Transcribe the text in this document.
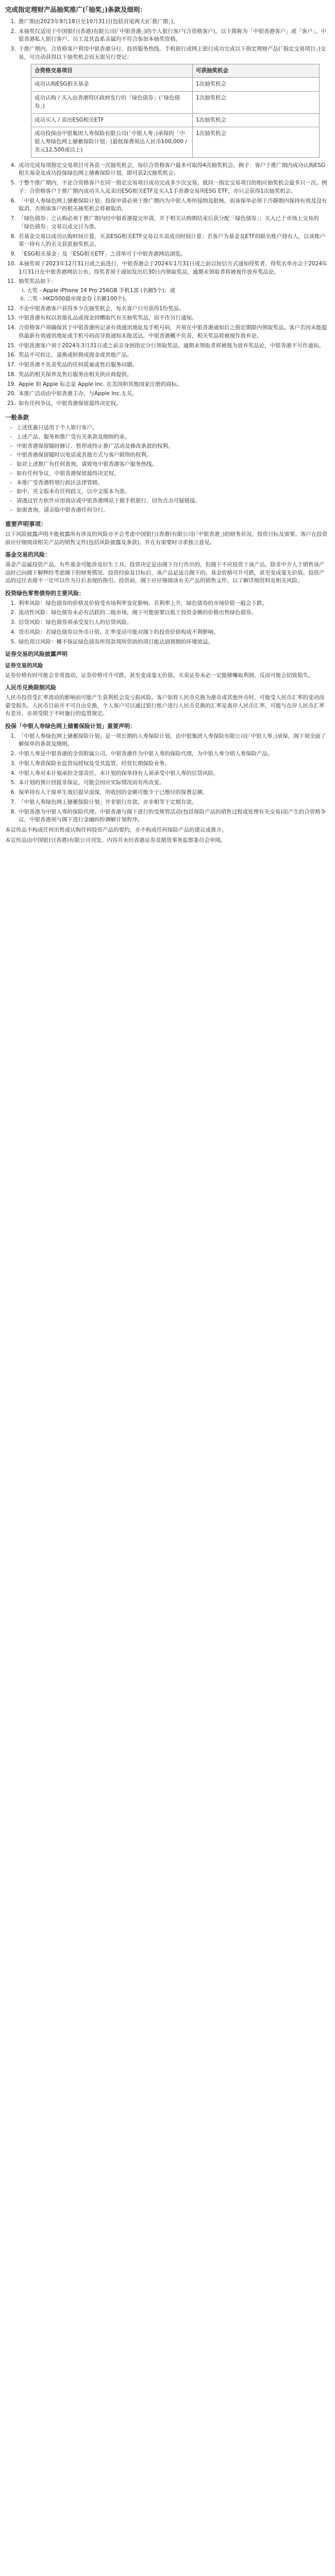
完成指定理财产品抽奖推广(「抽奖」)条款及细则：
1. 推广期由2023年9月18日至10月31日(包括首尾两天)(「推广期」)。
2. 本抽奖仅适用于中国银行(香港)有限公司(「中银香港」)的个人银行客户(合资格客户)，以下简称为「中银香港客户」或「客户」。中银香港私人银行客户、员工及其直系亲属均不符合参加本抽奖资格。
3. 于推广期内，合资格客户利用中银香港分行、投资服务热线、手机银行或网上银行成功完成以下指定理财产品(「指定交易项目」)交易，可自动获得以下抽奖机会而无需另行登记：
合资格交易项目	可获抽奖机会
成功认购ESG相关基金	1次抽奖机会
成功认购 / 买入由香港特区政府发行的「绿色债券」(「绿色债券」)	1次抽奖机会
成功买入 / 卖出ESG相关ETF	1次抽奖机会
成功投保由中银集团人寿保险有限公司(「中银人寿」)承保的「中银人寿绿色网上储蓄保险计划」(最低保费须达人民币100,000 / 美元12,500或以上)	1次抽奖机会
4. 成功完成每项指定交易项目可各获一次抽奖机会，每位合资格客户最多可取得4次抽奖机会。例子：客户于推广期内成功认购ESG相关基金及成功投保绿色网上储蓄保险计划，即可获2次抽奖机会。
5. 于整个推广期内，不论合资格客户在同一指定交易项目成功完成多少次交易，就同一指定交易项目的相应抽奖机会最多只一次。例子：合资格客户于推广期内成功买入及卖出ESG相关ETF及买入1手香港交易所ESG ETF，亦只会获得1次抽奖机会。
6. 「中银人寿绿色网上储蓄保险计划」投保申请必须于推广期内为中银人寿所接纳及批核，而该保单必须于冷静期内保持有效及没有取消，否则该客户的相关抽奖机会将被取消。
7. 「绿色债券」之认购必须于推广期内经中银香港提交申请，并于相关认购期结束后获分配「绿色债券」；买入已于市场上交易的「绿色债券」交易以成交日为准。
8. 若基金交易以成功认购时间计算，买卖ESG相关ETF交易以买卖成功时间计算；若客户为基金及ETF的联名账户持有人，以该账户第一持有人的名义获派抽奖机会。
9. 「ESG相关基金」及「ESG相关ETF」之清单可于中银香港网站浏览。
10. 本抽奖将于2023年12月31日或之前进行，中银香港会于2024年1月31日或之前以短信方式通知得奖者，得奖名单亦会于2024年1月31日在中银香港网站公布。得奖者须于通知发出后30日内领取奖品，逾期未领取者将被视作放弃奖品论。
11. 抽奖奖品如下：
i. 大奖 - Apple iPhone 14 Pro 256GB 手机1部 (名额5个)；或
ii. 二奖 - HKD500超市现金券 (名额100个)。
12. 不论中银香港客户获得多少次抽奖机会，每名客户只可获得1份奖品。
13. 中银香港有权以其他礼品或现金回赠取代有关抽奖奖品，而不作另行通知。
14. 合资格客户须确保其于中银香港所记录有效通讯地址及手机号码，并须在中银香港通知后之指定期限内领取奖品。客户若因未能提供最新有效通讯地址或手机号码而导致通知未能送达，中银香港概不负责，相关奖品将被视作放弃论。
15. 中银香港客户须于2024年3月31日或之前亲身到指定分行领取奖品，逾期未领取者将被视为放弃奖品论，中银香港不另作通知。
16. 奖品不可转让、退换或转换成现金或其他产品。
17. 中银香港不负责奖品的任何质量或售后服务问题。
18. 奖品的相关保养及售后服务由相关供应商提供。
19. Apple 和 Apple 标志是 Apple Inc. 在美国和其他国家注册的商标。
20. 本推广活动由中银香港主办，与Apple Inc.无关。
21. 如有任何争议，中银香港保留最终决定权。
一般条款
- 上述优惠只适用于个人银行客户。
- 上述产品、服务和推广受有关条款及细则约束。
- 中银香港保留随时修订、暂停或终止推广活动及修改条款的权利。
- 中银香港保留随时以电话或其他方式与客户联络的权利。
- 如对上述推广有任何查询，请致电中银香港客户服务热线。
- 如有任何争议，中银香港保留最终决定权。
- 本推广受香港特别行政区法律管辖。
- 如中、英文版本有任何歧义，以中文版本为准。
- 请透过官方软件应用商店或中银香港网站下载手机银行，切勿点击可疑链接。
- 如需查询，请亲临中银香港任何分行。
重要声明事项：

以下风险披露声明不能披露所有涉及的风险亦不会考虑中国银行(香港)有限公司(「中银香港」)的财务状况、投资目标及需要。客户在投资前应仔细阅读相关产品的销售文件(包括风险披露及条款)，并在有需要时寻求独立意见。

基金交易的风险：

基金产品属投资产品，有些基金可能涉及衍生工具，投资决定是由阁下自行作出的，但阁下不应投资于该产品，除非中介人于销售该产品时已向阁下解释经考虑阁下的财务情况、投资经验及目标后，该产品是适合阁下的。基金价格可升可跌，甚至变成毫无价值。投资产品的过往表现不一定可以作为日后表现的指引。投资前，阁下应仔细阅读有关产品的销售文件，以了解详细资料及相关风险。

投资绿色零售债券的主要风险：
1. 利率风险：绿色债券的价格及价值受市场利率变化影响。若利率上升，绿色债券的市场价值一般会下跌。
2. 流动性风险：绿色债券未必有活跃的二级市场，阁下可能需要以低于投资金额的价格出售绿色债券。
3. 信贷风险：绿色债券须承受发行人的信贷风险。
4. 货币风险：若绿色债券以外币计值，汇率变动可能对阁下的投资价值构成不利影响。
5. 绿色项目风险：概不保证绿色债券所得款项所资助的项目能达到预期的环境效益。
证券交易的风险披露声明
证券交易的风险

证券价格有时可能会非常波动，证券价格可升可跌，甚至变成毫无价值。买卖证券未必一定能够赚取利润，反而可能会招致损失。

人民币兑换限制风险

人民币投资受汇率波动的影响而可能产生获利机会及亏损风险。客户如将人民币兑换为港币或其他外币时，可能受人民币汇率的变动而蒙受损失。人民币目前并不可自由兑换，个人客户可以通过银行账户进行人民币兑换的汇率是离岸人民币汇率，可能与在岸人民币汇率有差异，亦须受限于不时施行的监管规定。

投保「中银人寿绿色网上储蓄保险计划」重要声明：
1. 「中银人寿绿色网上储蓄保险计划」是一项长期的人寿保险计划，由中银集团人寿保险有限公司(「中银人寿」)承保，阁下须全面了解保单的条款及细则。
2. 中银人寿是中银香港的全资附属公司。中银香港作为中银人寿的保险代理，为中银人寿分销人寿保险产品。
3. 中银人寿获保险业监管局授权及受其监管，经营长期保险业务。
4. 中银人寿对本计划承担全部责任。本计划的保单持有人须承受中银人寿的信贷风险。
5. 本计划的预计回报非保证，可能会因应实际情况而有所改变。
6. 保单持有人于保单生效后提早退保，所收回的金额可能少于已缴付的保费总额。
7. 「中银人寿绿色网上储蓄保险计划」并非银行存款，亦非相等于定期存款。
8. 中银香港为中银人寿的保险代理。中银香港与阁下进行的受规管活动(包括保险产品的销售过程或处理有关交易)而产生的合资格争议，中银香港须与阁下进行金融纠纷调解计划程序。

本宣传品不构成任何出售或认购任何投资产品的要约，亦不构成任何保险产品的建议或推介。

本宣传品由中国银行(香港)有限公司刊发。内容并未经香港证券及期货事务监察委员会审阅。
